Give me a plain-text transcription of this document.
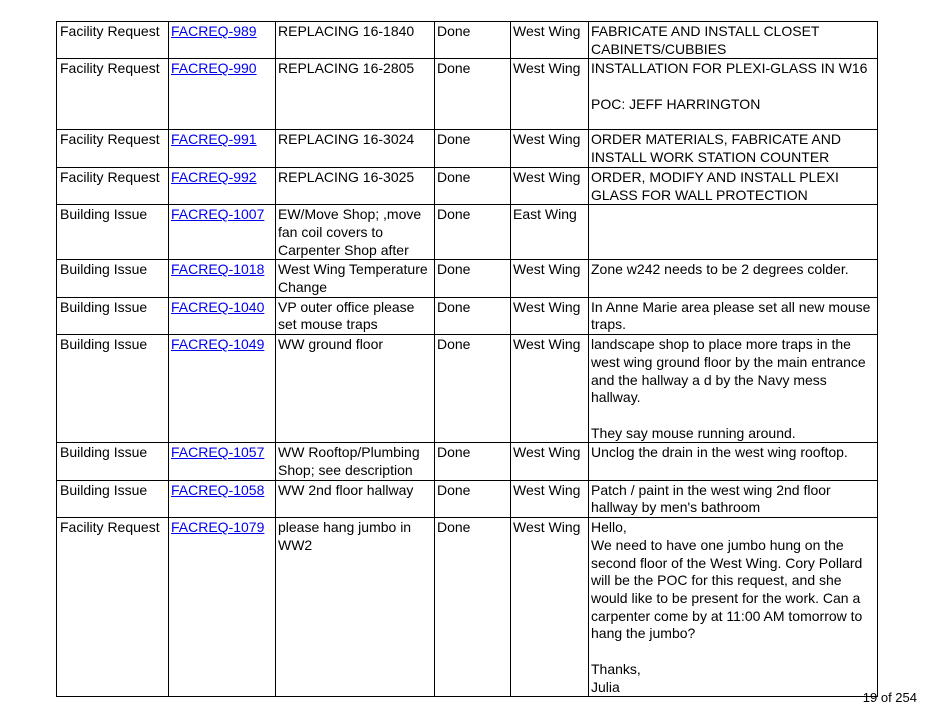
Facility Request	FACREQ-989	REPLACING 16-1840	Done	West Wing	FABRICATE AND INSTALL CLOSET CABINETS/CUBBIES
Facility Request	FACREQ-990	REPLACING 16-2805	Done	West Wing	INSTALLATION FOR PLEXI-GLASS IN W16

POC: JEFF HARRINGTON
Facility Request	FACREQ-991	REPLACING 16-3024	Done	West Wing	ORDER MATERIALS, FABRICATE AND INSTALL WORK STATION COUNTER
Facility Request	FACREQ-992	REPLACING 16-3025	Done	West Wing	ORDER, MODIFY AND INSTALL PLEXI GLASS FOR WALL PROTECTION
Building Issue	FACREQ-1007	EW/Move Shop; ,move fan coil covers to Carpenter Shop after	Done	East Wing	
Building Issue	FACREQ-1018	West Wing Temperature Change	Done	West Wing	Zone w242 needs to be 2 degrees colder.
Building Issue	FACREQ-1040	VP outer office please set mouse traps	Done	West Wing	In Anne Marie area please set all new mouse traps.
Building Issue	FACREQ-1049	WW ground floor	Done	West Wing	landscape shop to place more traps in the west wing ground floor by the main entrance and the hallway a d by the Navy mess hallway.

They say mouse running around.
Building Issue	FACREQ-1057	WW Rooftop/Plumbing Shop; see description	Done	West Wing	Unclog the drain in the west wing rooftop.
Building Issue	FACREQ-1058	WW 2nd floor hallway	Done	West Wing	Patch / paint in the west wing 2nd floor hallway by men's bathroom
Facility Request	FACREQ-1079	please hang jumbo in WW2	Done	West Wing	Hello,
We need to have one jumbo hung on the second floor of the West Wing. Cory Pollard will be the POC for this request, and she would like to be present for the work. Can a carpenter come by at 11:00 AM tomorrow to hang the jumbo?

Thanks,
Julia
19 of 254
